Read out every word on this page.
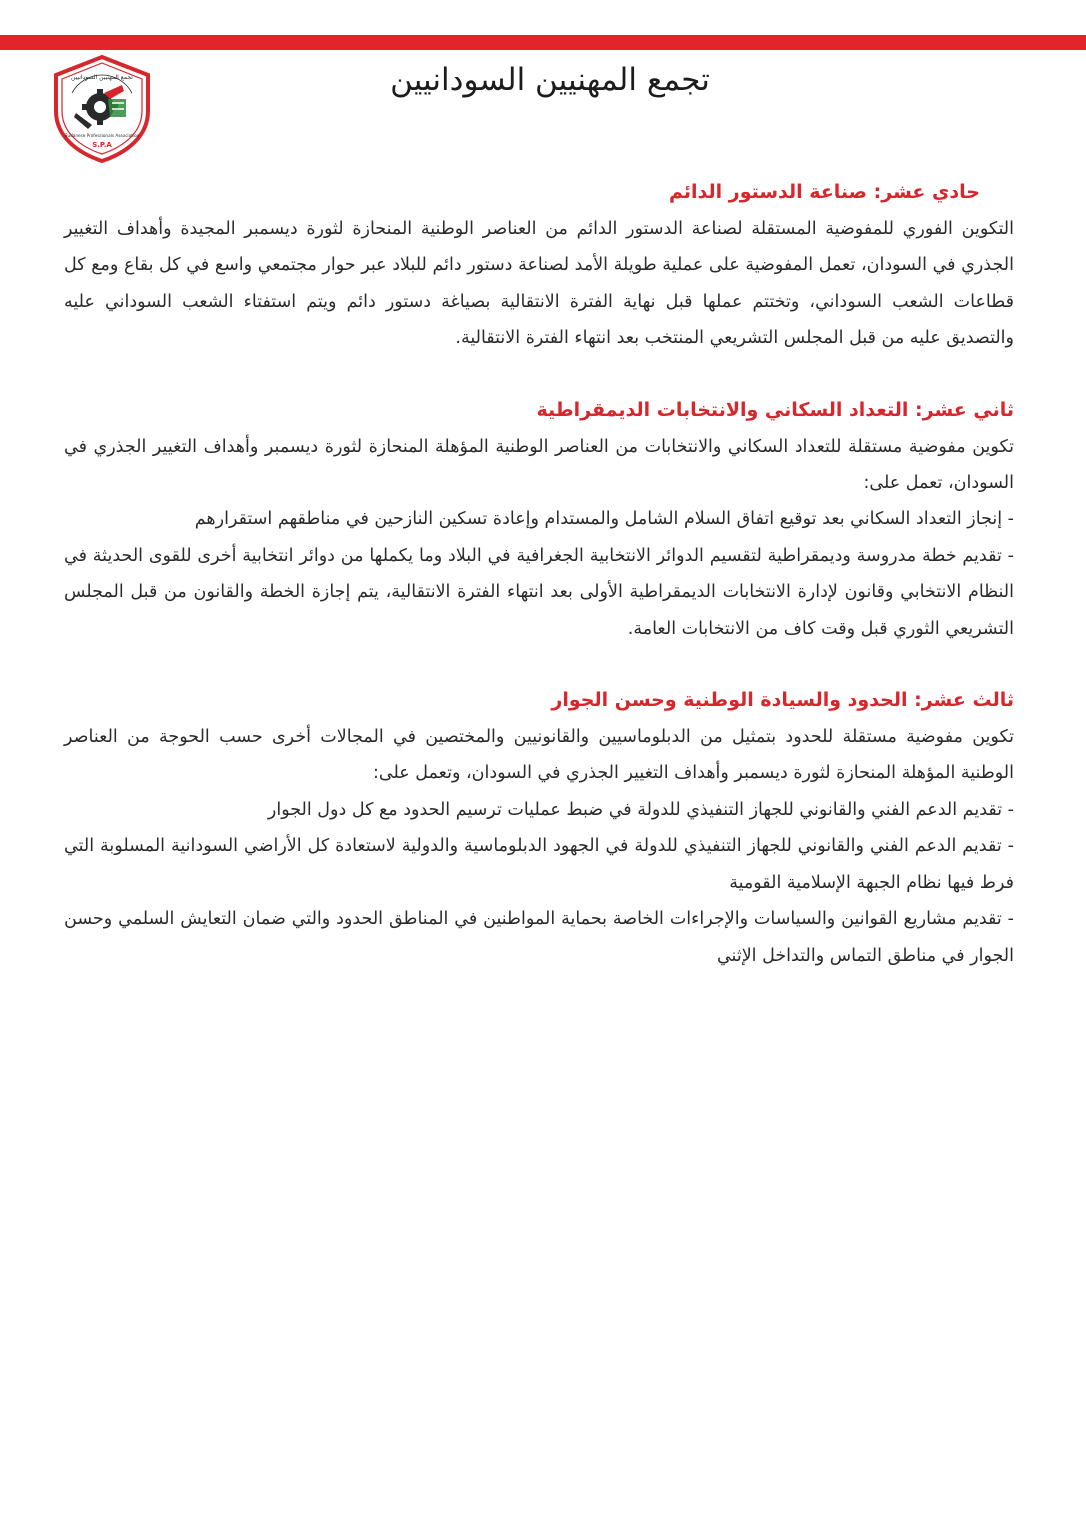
تجمع المهنيين السودانيين
Sudanese Professionals Association
S.P.A
تجمع المهنيين السودانيين
حادي عشر: صناعة الدستور الدائم

التكوين الفوري للمفوضية المستقلة لصناعة الدستور الدائم من العناصر الوطنية المنحازة لثورة ديسمبر المجيدة وأهداف التغيير الجذري في السودان، تعمل المفوضية على عملية طويلة الأمد لصناعة دستور دائم للبلاد عبر حوار مجتمعي واسع في كل بقاع ومع كل قطاعات الشعب السوداني، وتختتم عملها قبل نهاية الفترة الانتقالية بصياغة دستور دائم ويتم استفتاء الشعب السوداني عليه والتصديق عليه من قبل المجلس التشريعي المنتخب بعد انتهاء الفترة الانتقالية.

ثاني عشر: التعداد السكاني والانتخابات الديمقراطية

تكوين مفوضية مستقلة للتعداد السكاني والانتخابات من العناصر الوطنية المؤهلة المنحازة لثورة ديسمبر وأهداف التغيير الجذري في السودان، تعمل على:

- إنجاز التعداد السكاني بعد توقيع اتفاق السلام الشامل والمستدام وإعادة تسكين النازحين في مناطقهم استقرارهم

- تقديم خطة مدروسة وديمقراطية لتقسيم الدوائر الانتخابية الجغرافية في البلاد وما يكملها من دوائر انتخابية أخرى للقوى الحديثة في النظام الانتخابي وقانون لإدارة الانتخابات الديمقراطية الأولى بعد انتهاء الفترة الانتقالية، يتم إجازة الخطة والقانون من قبل المجلس التشريعي الثوري قبل وقت كاف من الانتخابات العامة.

ثالث عشر: الحدود والسيادة الوطنية وحسن الجوار

تكوين مفوضية مستقلة للحدود بتمثيل من الدبلوماسيين والقانونيين والمختصين في المجالات أخرى حسب الحوجة من العناصر الوطنية المؤهلة المنحازة لثورة ديسمبر وأهداف التغيير الجذري في السودان، وتعمل على:

- تقديم الدعم الفني والقانوني للجهاز التنفيذي للدولة في ضبط عمليات ترسيم الحدود مع كل دول الجوار

- تقديم الدعم الفني والقانوني للجهاز التنفيذي للدولة في الجهود الدبلوماسية والدولية لاستعادة كل الأراضي السودانية المسلوبة التي فرط فيها نظام الجبهة الإسلامية القومية

- تقديم مشاريع القوانين والسياسات والإجراءات الخاصة بحماية المواطنين في المناطق الحدود والتي ضمان التعايش السلمي وحسن الجوار في مناطق التماس والتداخل الإثني
